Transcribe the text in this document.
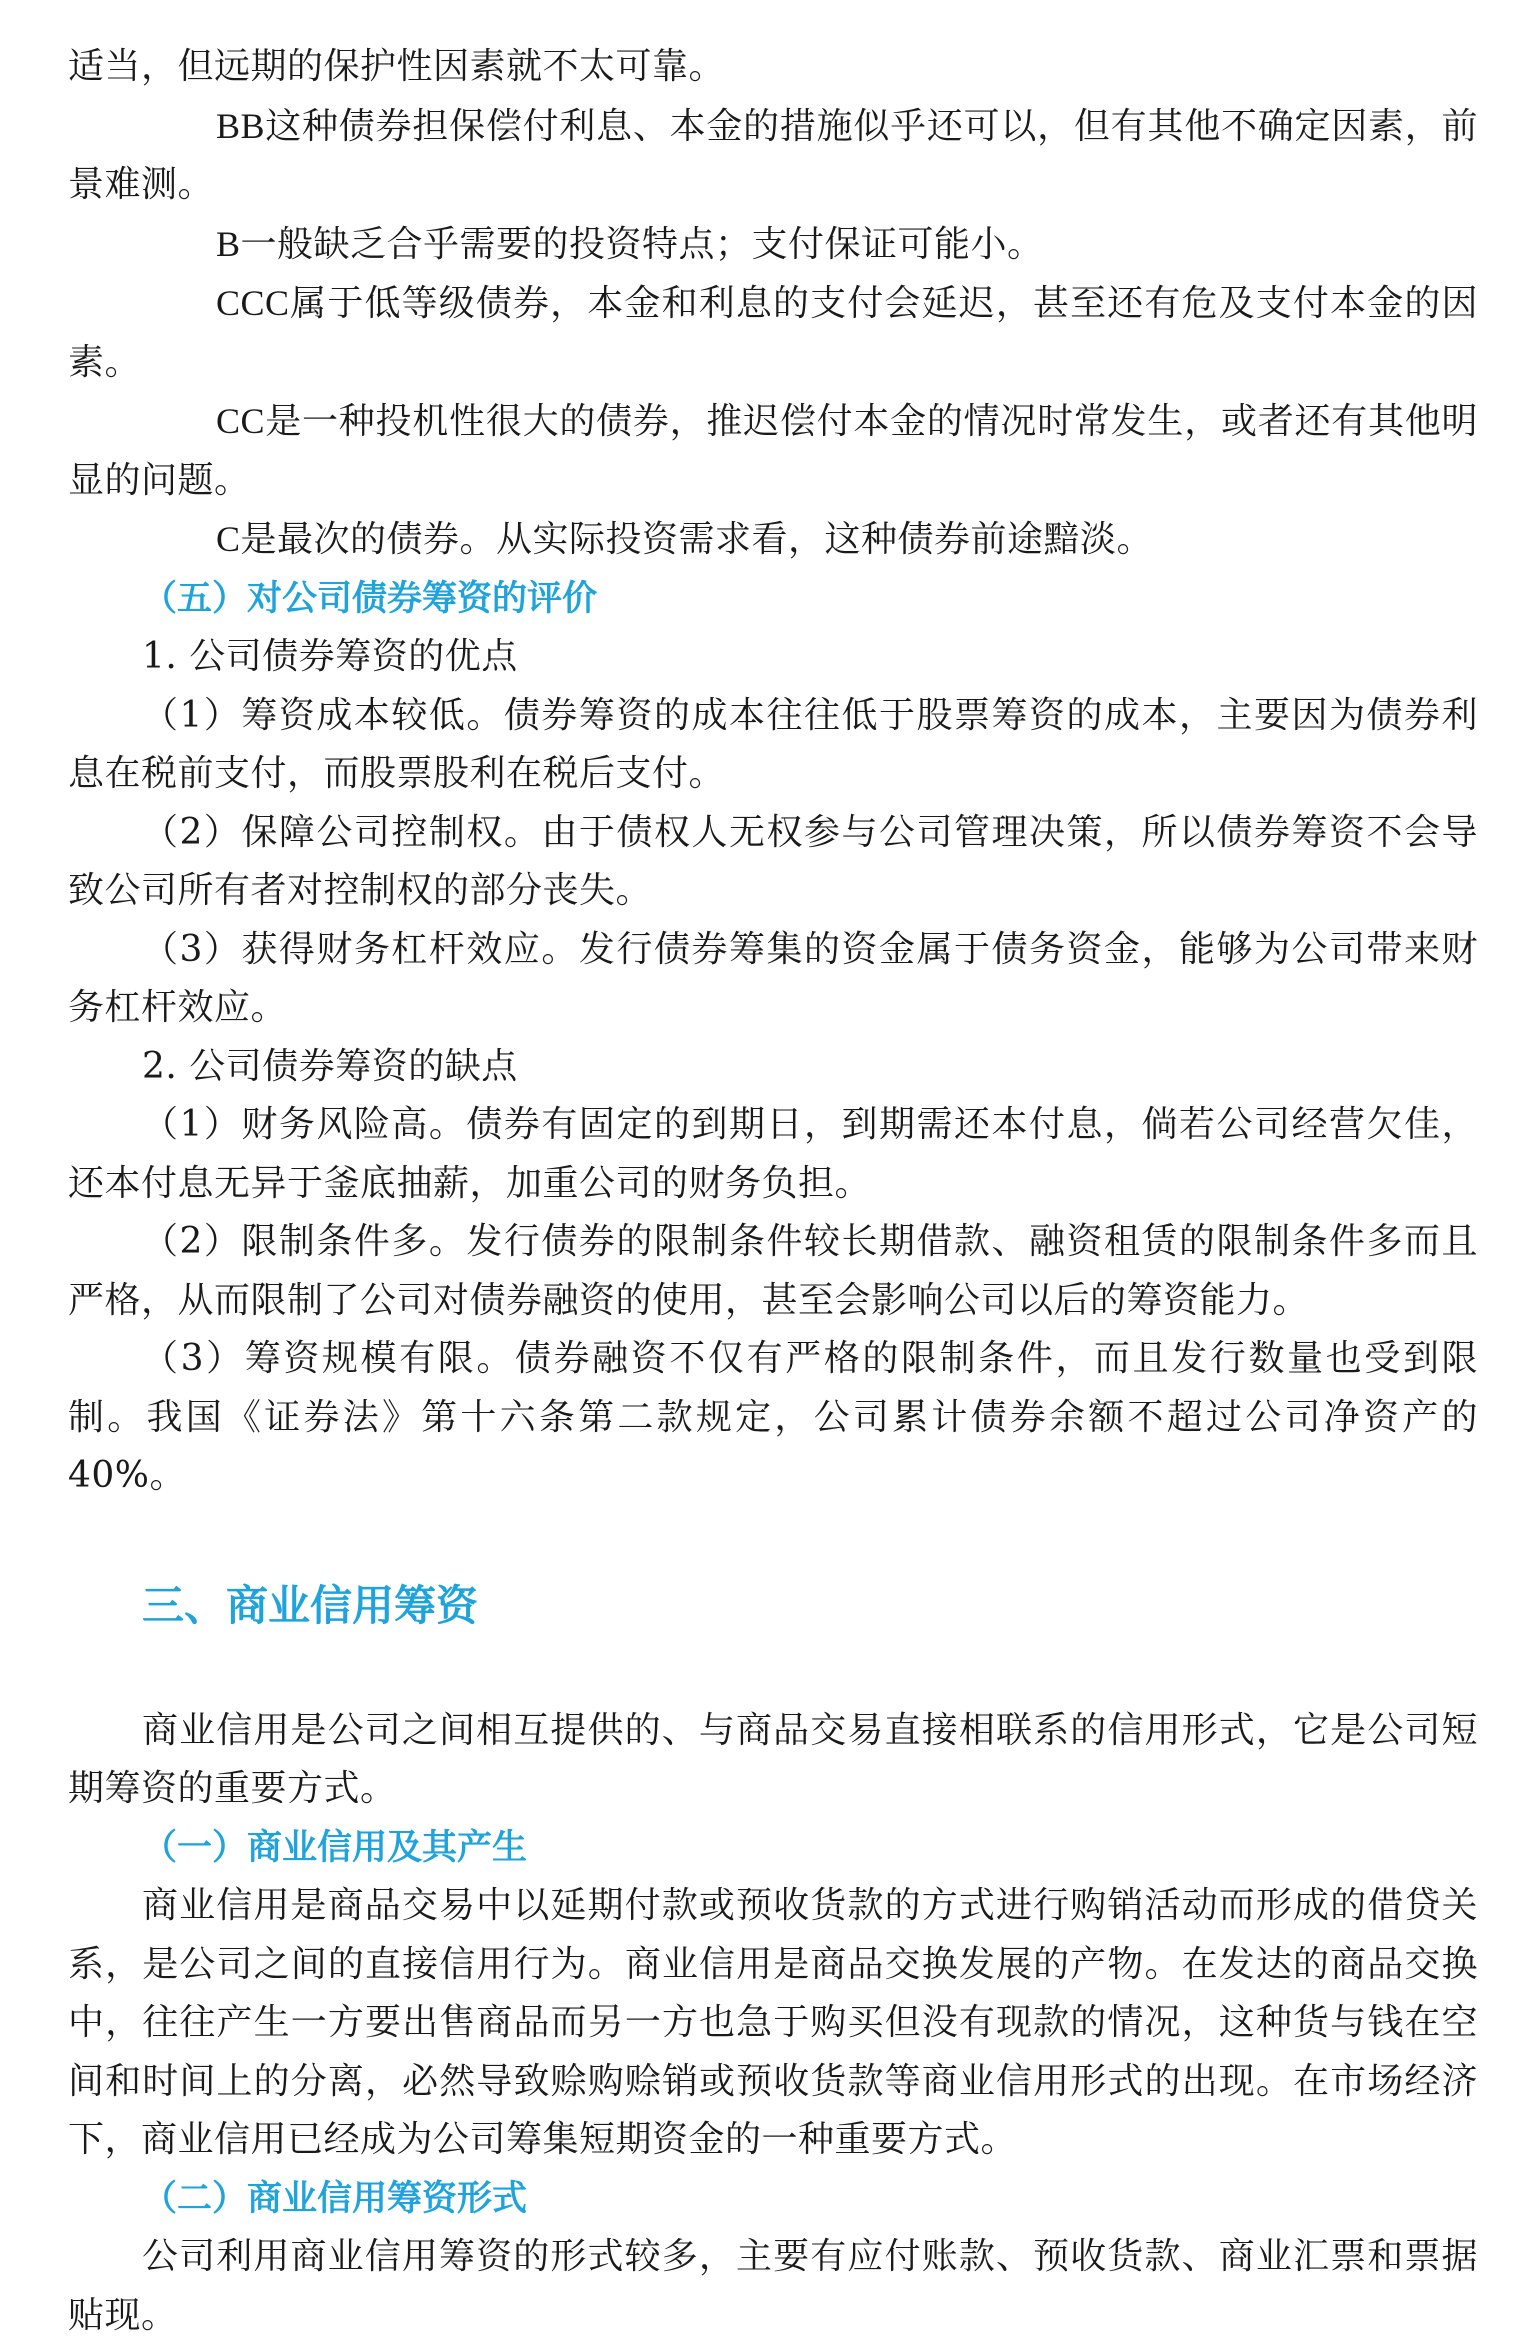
适当，但远期的保护性因素就不太可靠。

BB这种债券担保偿付利息、本金的措施似乎还可以，但有其他不确定因素，前景难测。

B一般缺乏合乎需要的投资特点；支付保证可能小。

CCC属于低等级债券，本金和利息的支付会延迟，甚至还有危及支付本金的因素。

CC是一种投机性很大的债券，推迟偿付本金的情况时常发生，或者还有其他明显的问题。

C是最次的债券。从实际投资需求看，这种债券前途黯淡。

（五）对公司债券筹资的评价

1. 公司债券筹资的优点

（1）筹资成本较低。债券筹资的成本往往低于股票筹资的成本，主要因为债券利息在税前支付，而股票股利在税后支付。

（2）保障公司控制权。由于债权人无权参与公司管理决策，所以债券筹资不会导致公司所有者对控制权的部分丧失。

（3）获得财务杠杆效应。发行债券筹集的资金属于债务资金，能够为公司带来财务杠杆效应。

2. 公司债券筹资的缺点

（1）财务风险高。债券有固定的到期日，到期需还本付息，倘若公司经营欠佳，还本付息无异于釜底抽薪，加重公司的财务负担。

（2）限制条件多。发行债券的限制条件较长期借款、融资租赁的限制条件多而且严格，从而限制了公司对债券融资的使用，甚至会影响公司以后的筹资能力。

（3）筹资规模有限。债券融资不仅有严格的限制条件，而且发行数量也受到限制。我国《证券法》第十六条第二款规定，公司累计债券余额不超过公司净资产的 40%。

三、商业信用筹资

商业信用是公司之间相互提供的、与商品交易直接相联系的信用形式，它是公司短期筹资的重要方式。

（一）商业信用及其产生

商业信用是商品交易中以延期付款或预收货款的方式进行购销活动而形成的借贷关系，是公司之间的直接信用行为。商业信用是商品交换发展的产物。在发达的商品交换中，往往产生一方要出售商品而另一方也急于购买但没有现款的情况，这种货与钱在空间和时间上的分离，必然导致赊购赊销或预收货款等商业信用形式的出现。在市场经济下，商业信用已经成为公司筹集短期资金的一种重要方式。

（二）商业信用筹资形式

公司利用商业信用筹资的形式较多，主要有应付账款、预收货款、商业汇票和票据贴现。
